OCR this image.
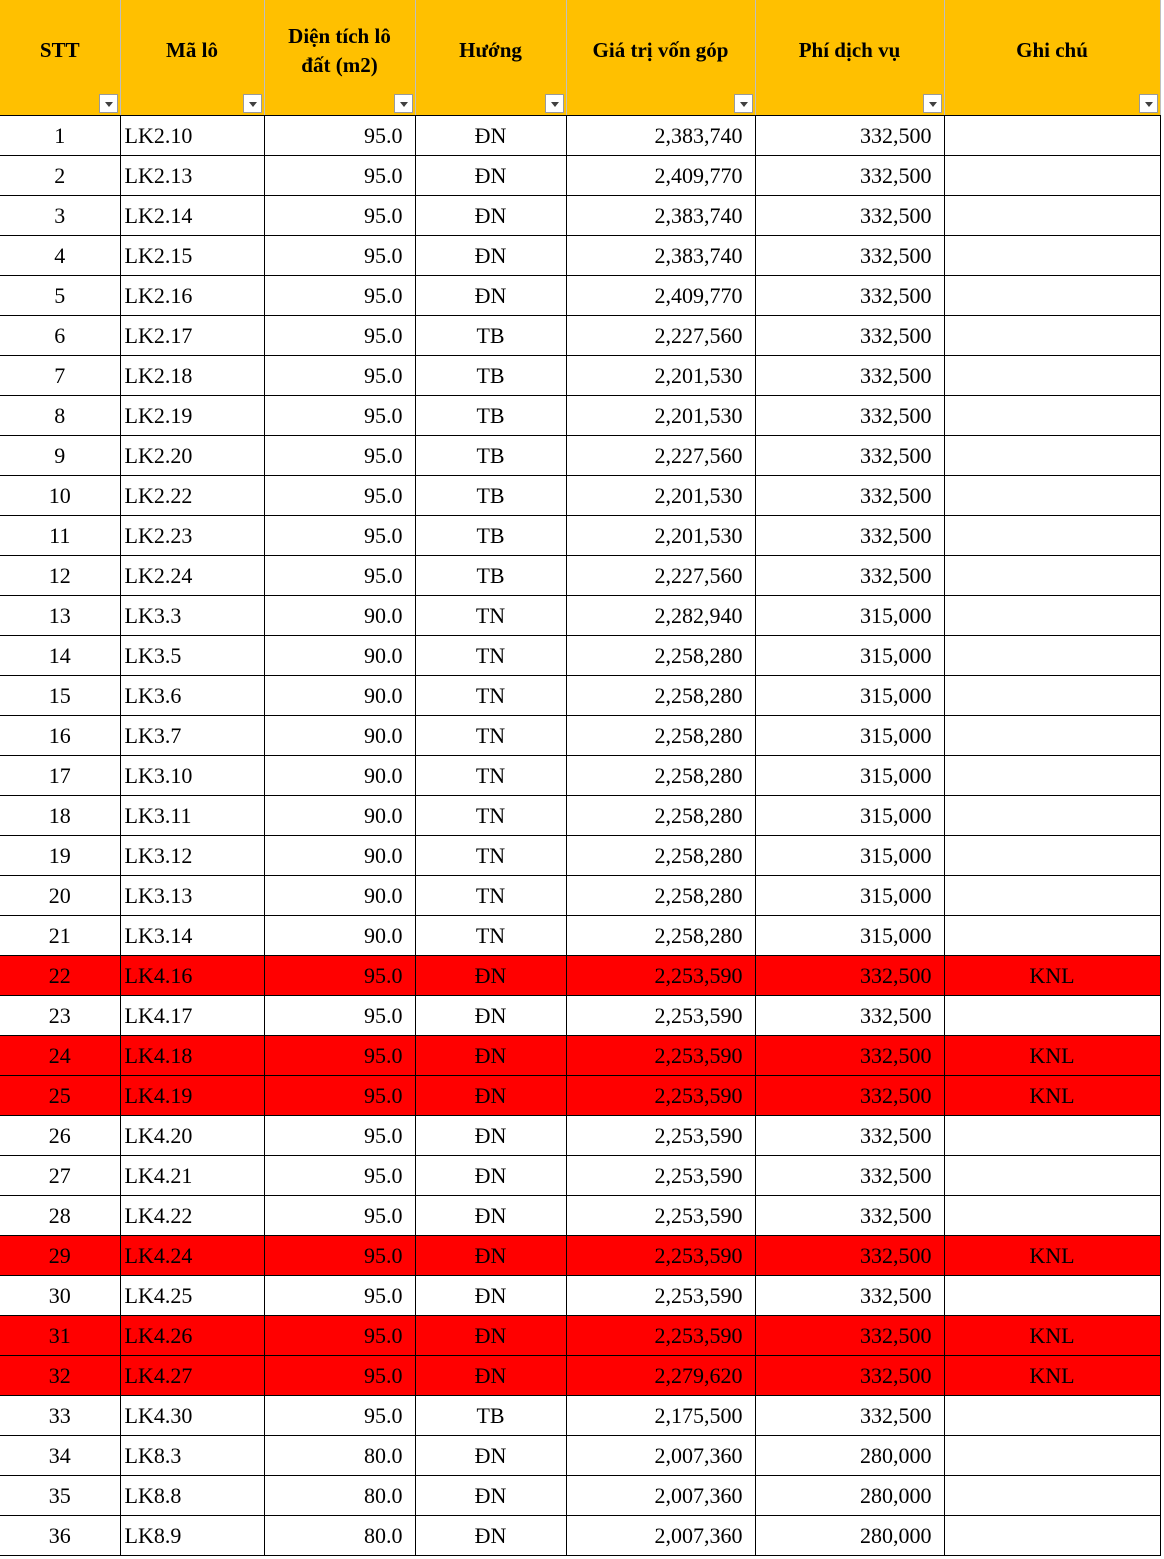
STT	Mã lô	Diện tích lô đất (m2)	Hướng	Giá trị vốn góp	Phí dịch vụ	Ghi chú

1	LK2.10	95.0	ĐN	2,383,740	332,500	
2	LK2.13	95.0	ĐN	2,409,770	332,500	
3	LK2.14	95.0	ĐN	2,383,740	332,500	
4	LK2.15	95.0	ĐN	2,383,740	332,500	
5	LK2.16	95.0	ĐN	2,409,770	332,500	
6	LK2.17	95.0	TB	2,227,560	332,500	
7	LK2.18	95.0	TB	2,201,530	332,500	
8	LK2.19	95.0	TB	2,201,530	332,500	
9	LK2.20	95.0	TB	2,227,560	332,500	
10	LK2.22	95.0	TB	2,201,530	332,500	
11	LK2.23	95.0	TB	2,201,530	332,500	
12	LK2.24	95.0	TB	2,227,560	332,500	
13	LK3.3	90.0	TN	2,282,940	315,000	
14	LK3.5	90.0	TN	2,258,280	315,000	
15	LK3.6	90.0	TN	2,258,280	315,000	
16	LK3.7	90.0	TN	2,258,280	315,000	
17	LK3.10	90.0	TN	2,258,280	315,000	
18	LK3.11	90.0	TN	2,258,280	315,000	
19	LK3.12	90.0	TN	2,258,280	315,000	
20	LK3.13	90.0	TN	2,258,280	315,000	
21	LK3.14	90.0	TN	2,258,280	315,000	
22	LK4.16	95.0	ĐN	2,253,590	332,500	KNL
23	LK4.17	95.0	ĐN	2,253,590	332,500	
24	LK4.18	95.0	ĐN	2,253,590	332,500	KNL
25	LK4.19	95.0	ĐN	2,253,590	332,500	KNL
26	LK4.20	95.0	ĐN	2,253,590	332,500	
27	LK4.21	95.0	ĐN	2,253,590	332,500	
28	LK4.22	95.0	ĐN	2,253,590	332,500	
29	LK4.24	95.0	ĐN	2,253,590	332,500	KNL
30	LK4.25	95.0	ĐN	2,253,590	332,500	
31	LK4.26	95.0	ĐN	2,253,590	332,500	KNL
32	LK4.27	95.0	ĐN	2,279,620	332,500	KNL
33	LK4.30	95.0	TB	2,175,500	332,500	
34	LK8.3	80.0	ĐN	2,007,360	280,000	
35	LK8.8	80.0	ĐN	2,007,360	280,000	
36	LK8.9	80.0	ĐN	2,007,360	280,000	
